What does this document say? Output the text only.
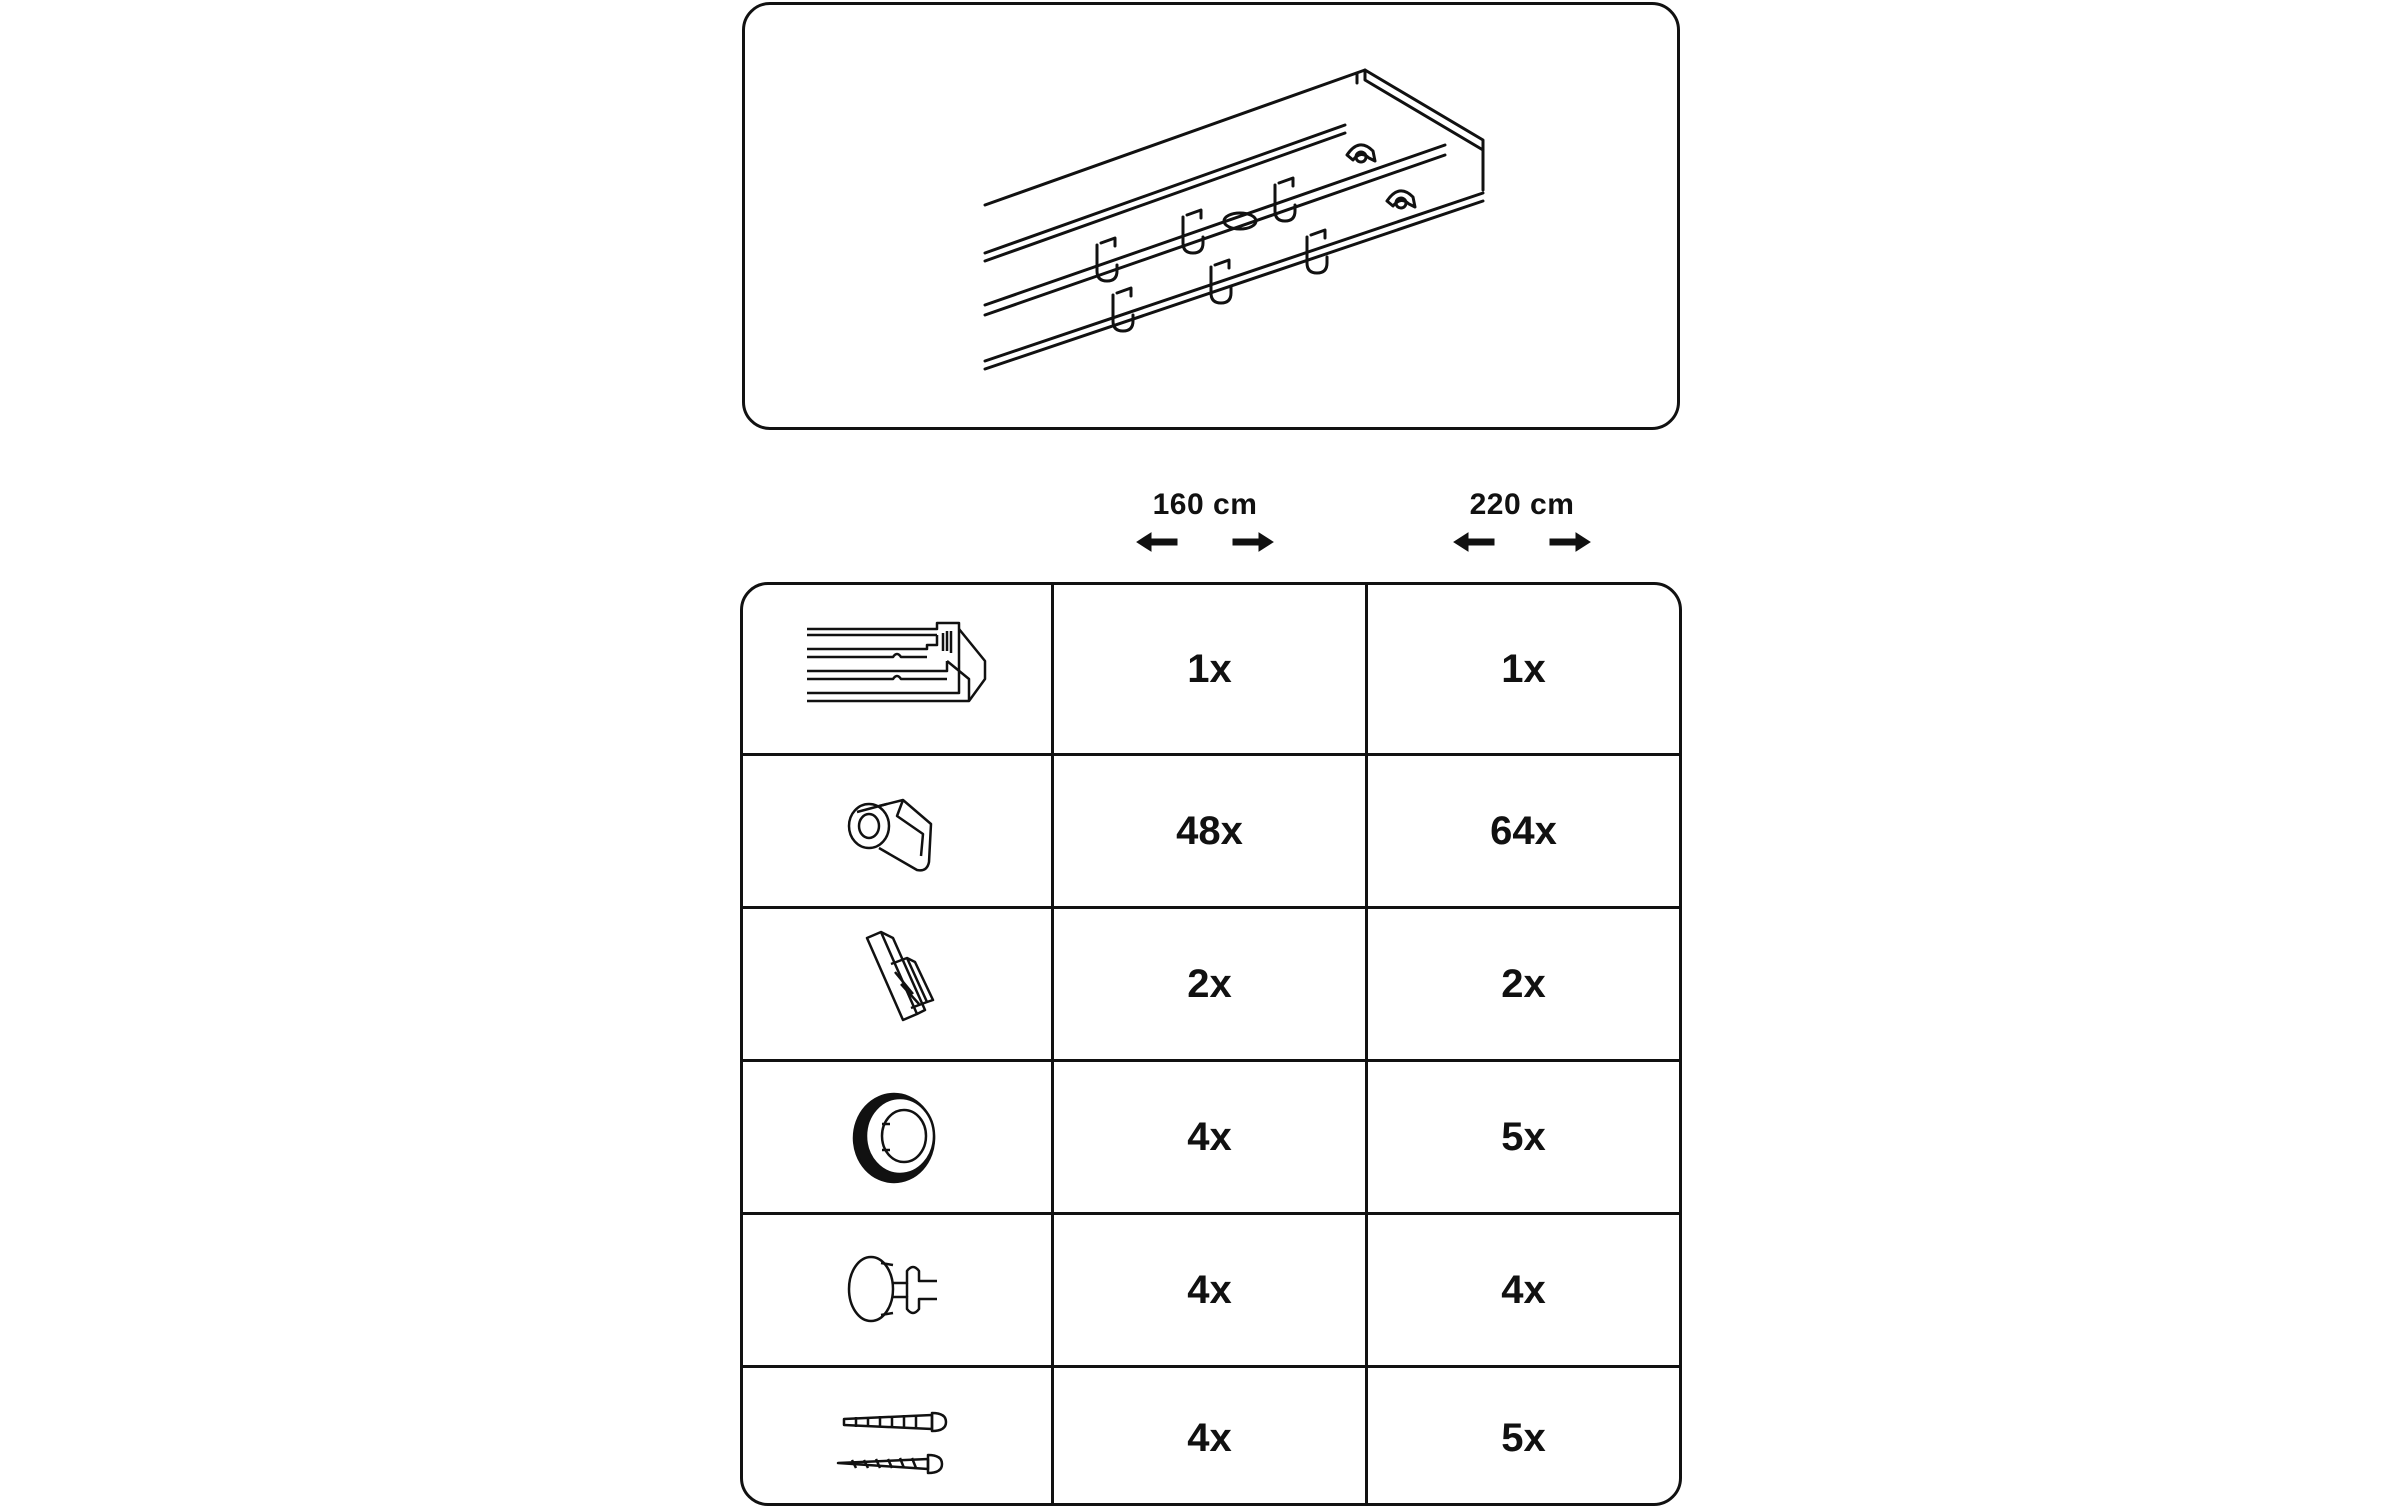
160 cm	220 cm
1x	1x
48x	64x
2x	2x
4x	5x
4x	4x
4x	5x
